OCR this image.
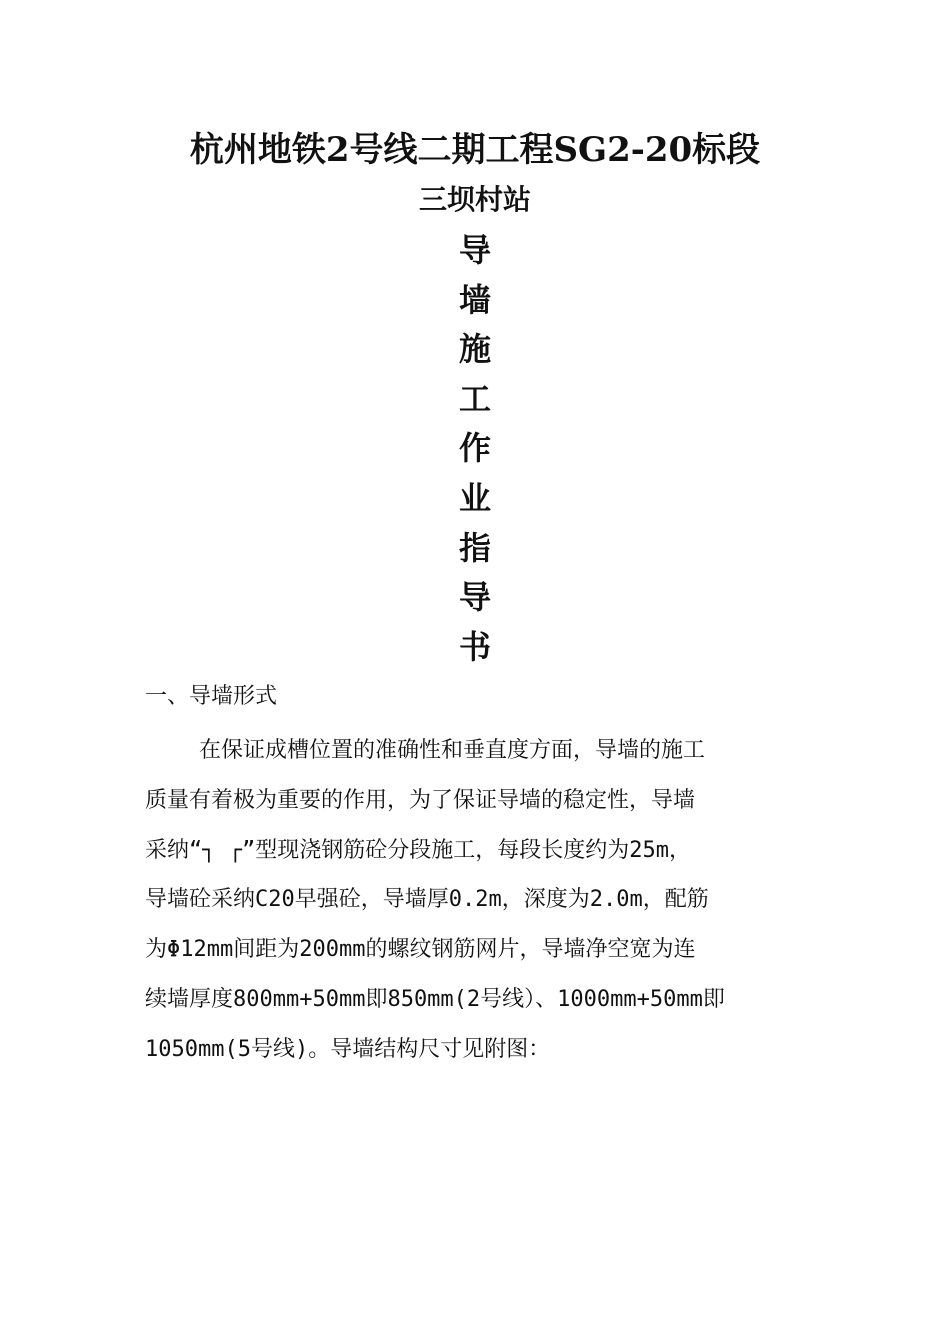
杭州地铁2号线二期工程SG2-20标段
三坝村站
导
墙
施
工
作
业
指
导
书
一、导墙形式
在保证成槽位置的准确性和垂直度方面，导墙的施工
质量有着极为重要的作用，为了保证导墙的稳定性，导墙
采纳“┐ ┌”型现浇钢筋砼分段施工，每段长度约为25m，
导墙砼采纳C20早强砼，导墙厚0.2m，深度为2.0m，配筋
为Φ12mm间距为200mm的螺纹钢筋网片，导墙净空宽为连
续墙厚度800mm+50mm即850mm(2号线）、1000mm+50mm即
1050mm(5号线)。导墙结构尺寸见附图：
